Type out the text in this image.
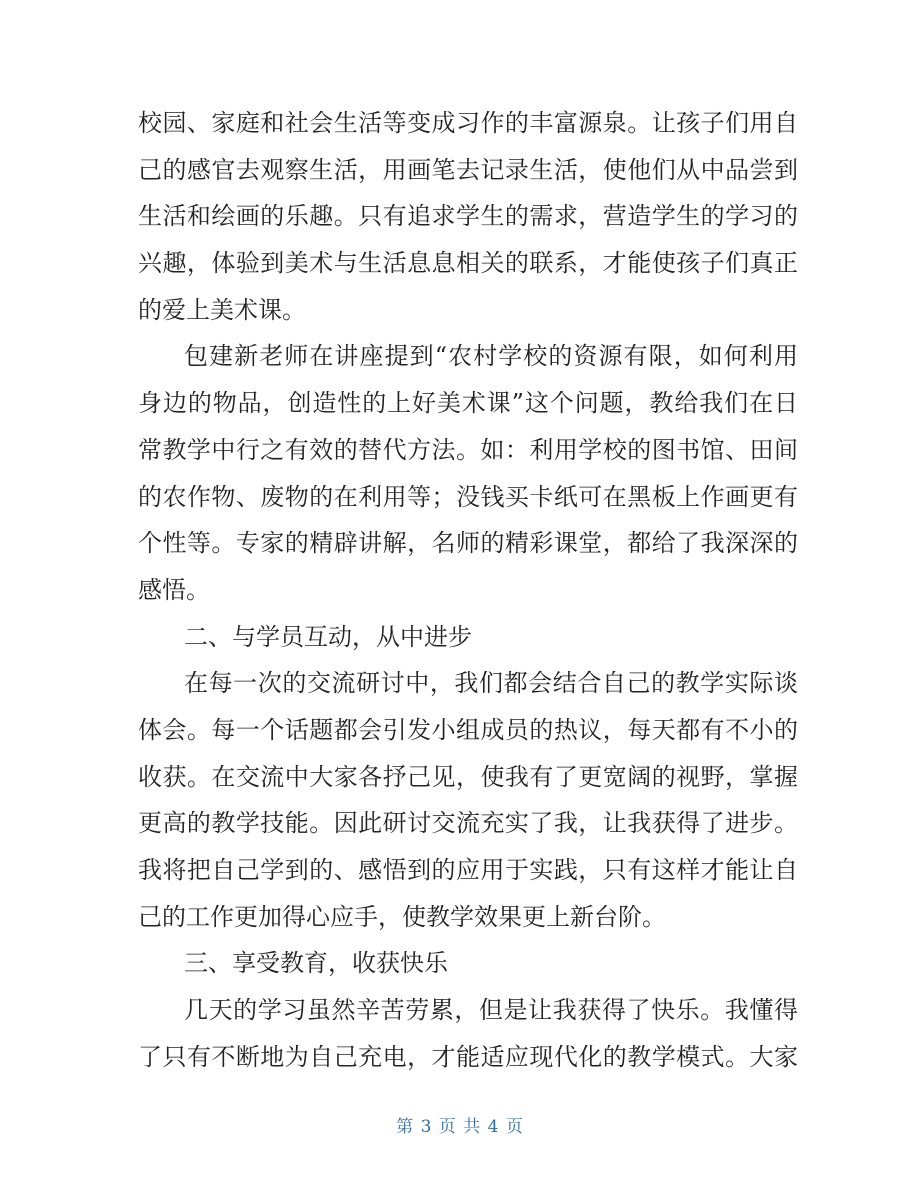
校园、家庭和社会生活等变成习作的丰富源泉。让孩子们用自
己的感官去观察生活，用画笔去记录生活，使他们从中品尝到
生活和绘画的乐趣。只有追求学生的需求，营造学生的学习的
兴趣，体验到美术与生活息息相关的联系，才能使孩子们真正
的爱上美术课。
包建新老师在讲座提到“农村学校的资源有限，如何利用
身边的物品，创造性的上好美术课”这个问题，教给我们在日
常教学中行之有效的替代方法。如：利用学校的图书馆、田间
的农作物、废物的在利用等；没钱买卡纸可在黑板上作画更有
个性等。专家的精辟讲解，名师的精彩课堂，都给了我深深的
感悟。
二、与学员互动，从中进步
在每一次的交流研讨中，我们都会结合自己的教学实际谈
体会。每一个话题都会引发小组成员的热议，每天都有不小的
收获。在交流中大家各抒己见，使我有了更宽阔的视野，掌握
更高的教学技能。因此研讨交流充实了我，让我获得了进步。
我将把自己学到的、感悟到的应用于实践，只有这样才能让自
己的工作更加得心应手，使教学效果更上新台阶。
三、享受教育，收获快乐
几天的学习虽然辛苦劳累，但是让我获得了快乐。我懂得
了只有不断地为自己充电，才能适应现代化的教学模式。大家
第 3 页 共 4 页
